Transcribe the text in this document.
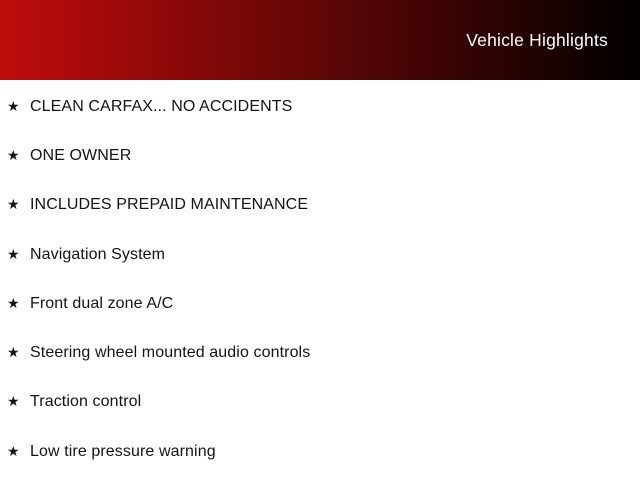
Vehicle Highlights
★ CLEAN CARFAX... NO ACCIDENTS
★ ONE OWNER
★ INCLUDES PREPAID MAINTENANCE
★ Navigation System
★ Front dual zone A/C
★ Steering wheel mounted audio controls
★ Traction control
★ Low tire pressure warning
